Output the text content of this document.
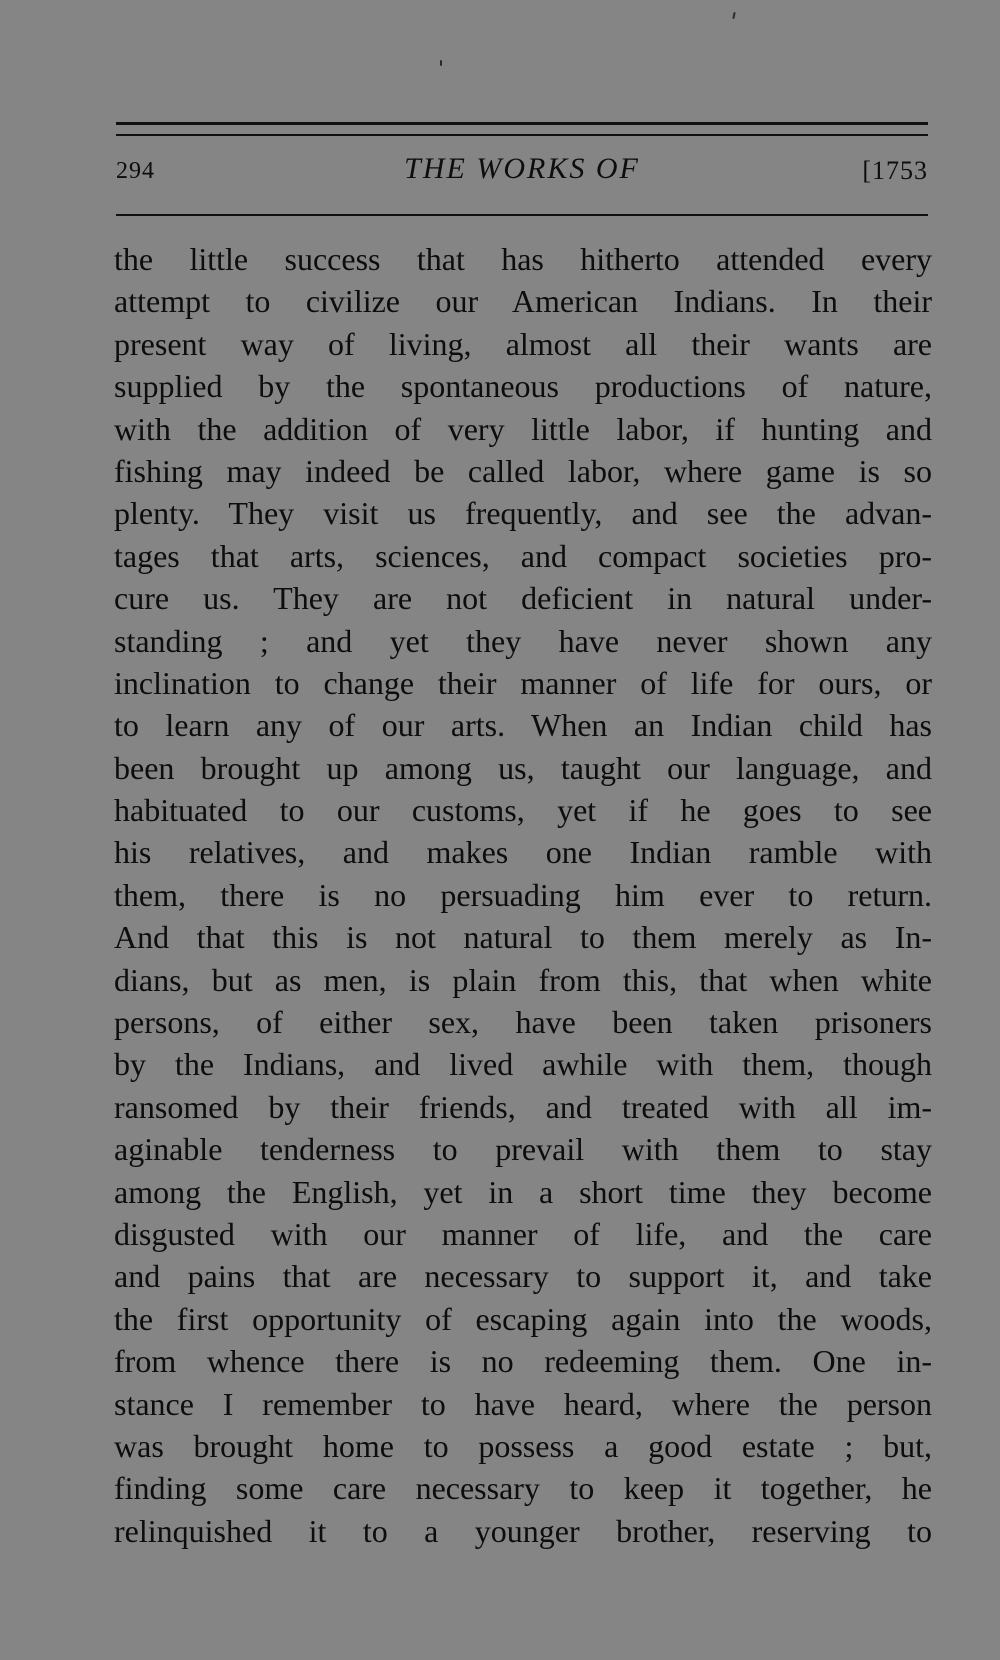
294	THE WORKS OF	[1753
the little success that has hitherto attended every
attempt to civilize our American Indians. In their
present way of living, almost all their wants are
supplied by the spontaneous productions of nature,
with the addition of very little labor, if hunting and
fishing may indeed be called labor, where game is so
plenty. They visit us frequently, and see the advan-
tages that arts, sciences, and compact societies pro-
cure us. They are not deficient in natural under-
standing ; and yet they have never shown any
inclination to change their manner of life for ours, or
to learn any of our arts. When an Indian child has
been brought up among us, taught our language, and
habituated to our customs, yet if he goes to see
his relatives, and makes one Indian ramble with
them, there is no persuading him ever to return.
And that this is not natural to them merely as In-
dians, but as men, is plain from this, that when white
persons, of either sex, have been taken prisoners
by the Indians, and lived awhile with them, though
ransomed by their friends, and treated with all im-
aginable tenderness to prevail with them to stay
among the English, yet in a short time they become
disgusted with our manner of life, and the care
and pains that are necessary to support it, and take
the first opportunity of escaping again into the woods,
from whence there is no redeeming them. One in-
stance I remember to have heard, where the person
was brought home to possess a good estate ; but,
finding some care necessary to keep it together, he
relinquished it to a younger brother, reserving to
